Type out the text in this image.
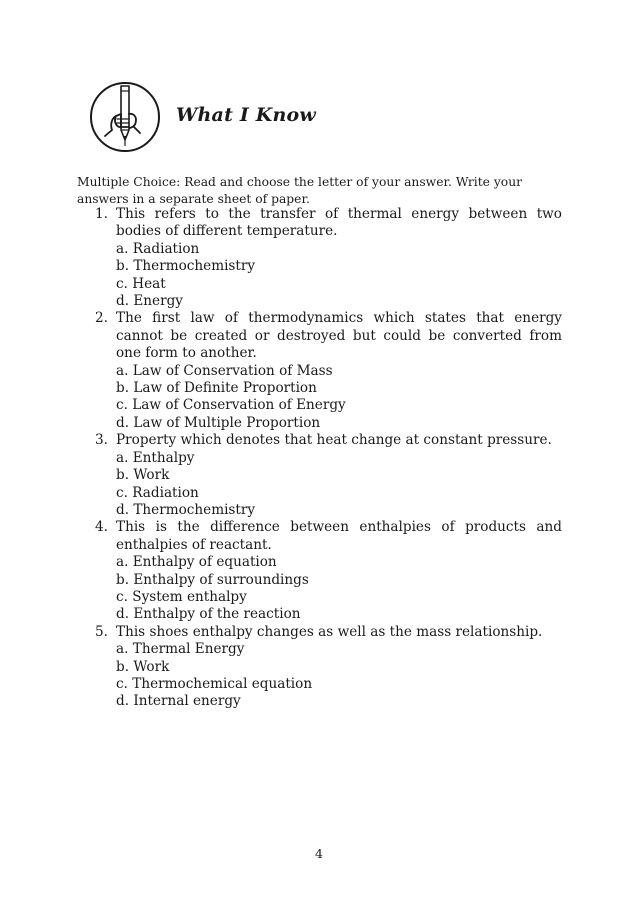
What I Know

Multiple Choice: Read and choose the letter of your answer. Write your answers in a separate sheet of paper.

1. This refers to the transfer of thermal energy between two bodies of different temperature.

a. Radiation
b. Thermochemistry
c. Heat
d. Energy
2. The first law of thermodynamics which states that energy cannot be created or destroyed but could be converted from one form to another.

a. Law of Conservation of Mass
b. Law of Definite Proportion
c. Law of Conservation of Energy
d. Law of Multiple Proportion
3. Property which denotes that heat change at constant pressure.

a. Enthalpy
b. Work
c. Radiation
d. Thermochemistry
4. This is the difference between enthalpies of products and enthalpies of reactant.

a. Enthalpy of equation
b. Enthalpy of surroundings
c. System enthalpy
d. Enthalpy of the reaction
5. This shoes enthalpy changes as well as the mass relationship.

a. Thermal Energy
b. Work
c. Thermochemical equation
d. Internal energy
4
